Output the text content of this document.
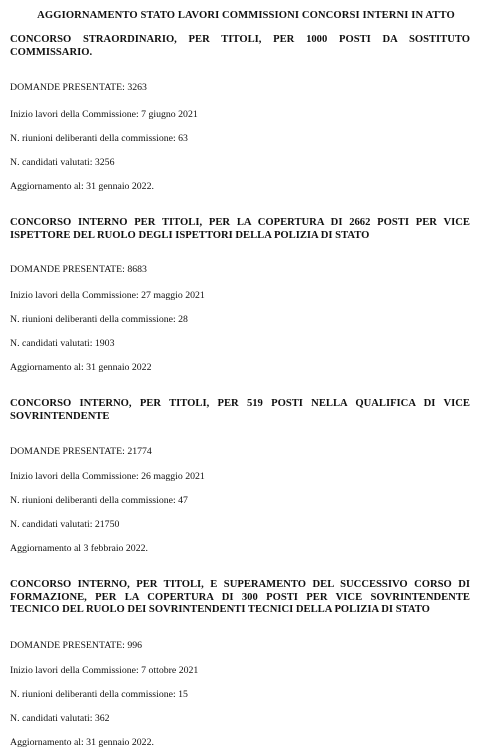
AGGIORNAMENTO STATO LAVORI COMMISSIONI CONCORSI INTERNI IN ATTO
CONCORSO STRAORDINARIO, PER TITOLI, PER 1000 POSTI DA SOSTITUTO COMMISSARIO.
DOMANDE PRESENTATE: 3263
Inizio lavori della Commissione: 7 giugno 2021
N. riunioni deliberanti della commissione: 63
N. candidati valutati: 3256
Aggiornamento al: 31 gennaio 2022.
CONCORSO INTERNO PER TITOLI, PER LA COPERTURA DI 2662 POSTI PER VICE ISPETTORE DEL RUOLO DEGLI ISPETTORI DELLA POLIZIA DI STATO
DOMANDE PRESENTATE: 8683
Inizio lavori della Commissione: 27 maggio 2021
N. riunioni deliberanti della commissione: 28
N. candidati valutati: 1903
Aggiornamento al: 31 gennaio 2022
CONCORSO INTERNO, PER TITOLI, PER 519 POSTI NELLA QUALIFICA DI VICE SOVRINTENDENTE
DOMANDE PRESENTATE: 21774
Inizio lavori della Commissione: 26 maggio 2021
N. riunioni deliberanti della commissione: 47
N. candidati valutati: 21750
Aggiornamento al 3 febbraio 2022.
CONCORSO INTERNO, PER TITOLI, E SUPERAMENTO DEL SUCCESSIVO CORSO DI FORMAZIONE, PER LA COPERTURA DI 300 POSTI PER VICE SOVRINTENDENTE TECNICO DEL RUOLO DEI SOVRINTENDENTI TECNICI DELLA POLIZIA DI STATO
DOMANDE PRESENTATE: 996
Inizio lavori della Commissione: 7 ottobre 2021
N. riunioni deliberanti della commissione: 15
N. candidati valutati: 362
Aggiornamento al: 31 gennaio 2022.
